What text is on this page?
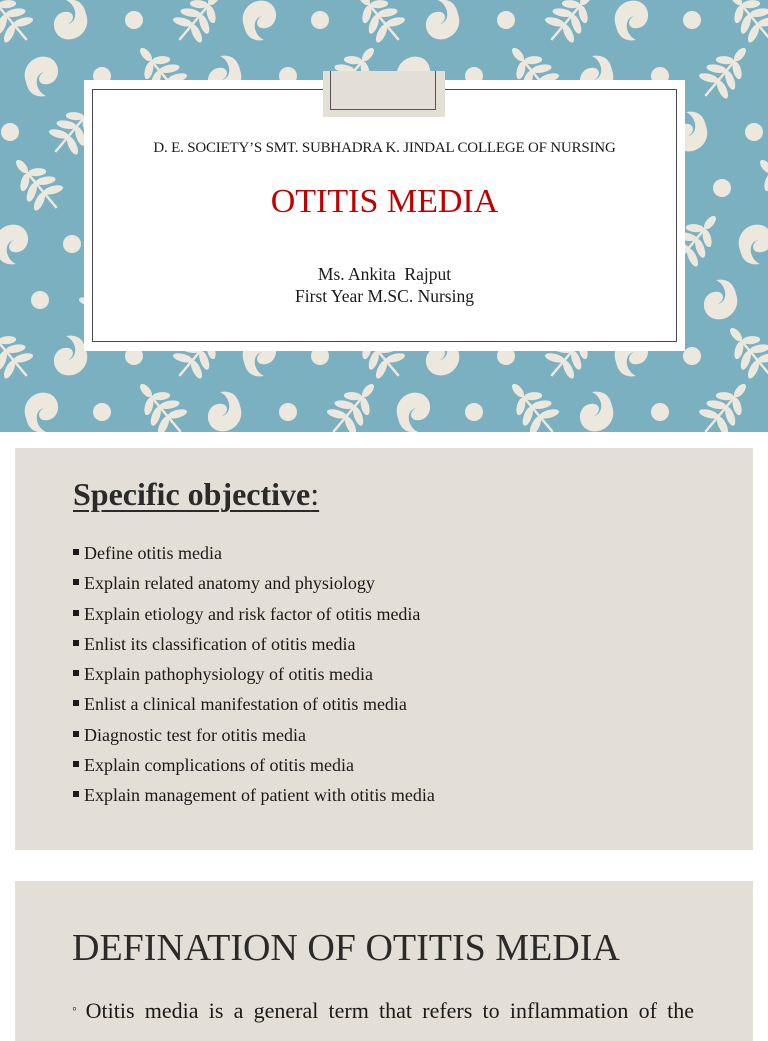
D. E. SOCIETY’S SMT. SUBHADRA K. JINDAL COLLEGE OF NURSING
OTITIS MEDIA
Ms. Ankita  Rajput
First Year M.SC. Nursing
Specific objective:
Define otitis media
Explain related anatomy and physiology
Explain etiology and risk factor of otitis media
Enlist its classification of otitis media
Explain pathophysiology of otitis media
Enlist a clinical manifestation of otitis media
Diagnostic test for otitis media
Explain complications of otitis media
Explain management of patient with otitis media
DEFINATION OF OTITIS MEDIA
◦ Otitis media is a general term that refers to inflammation of the
